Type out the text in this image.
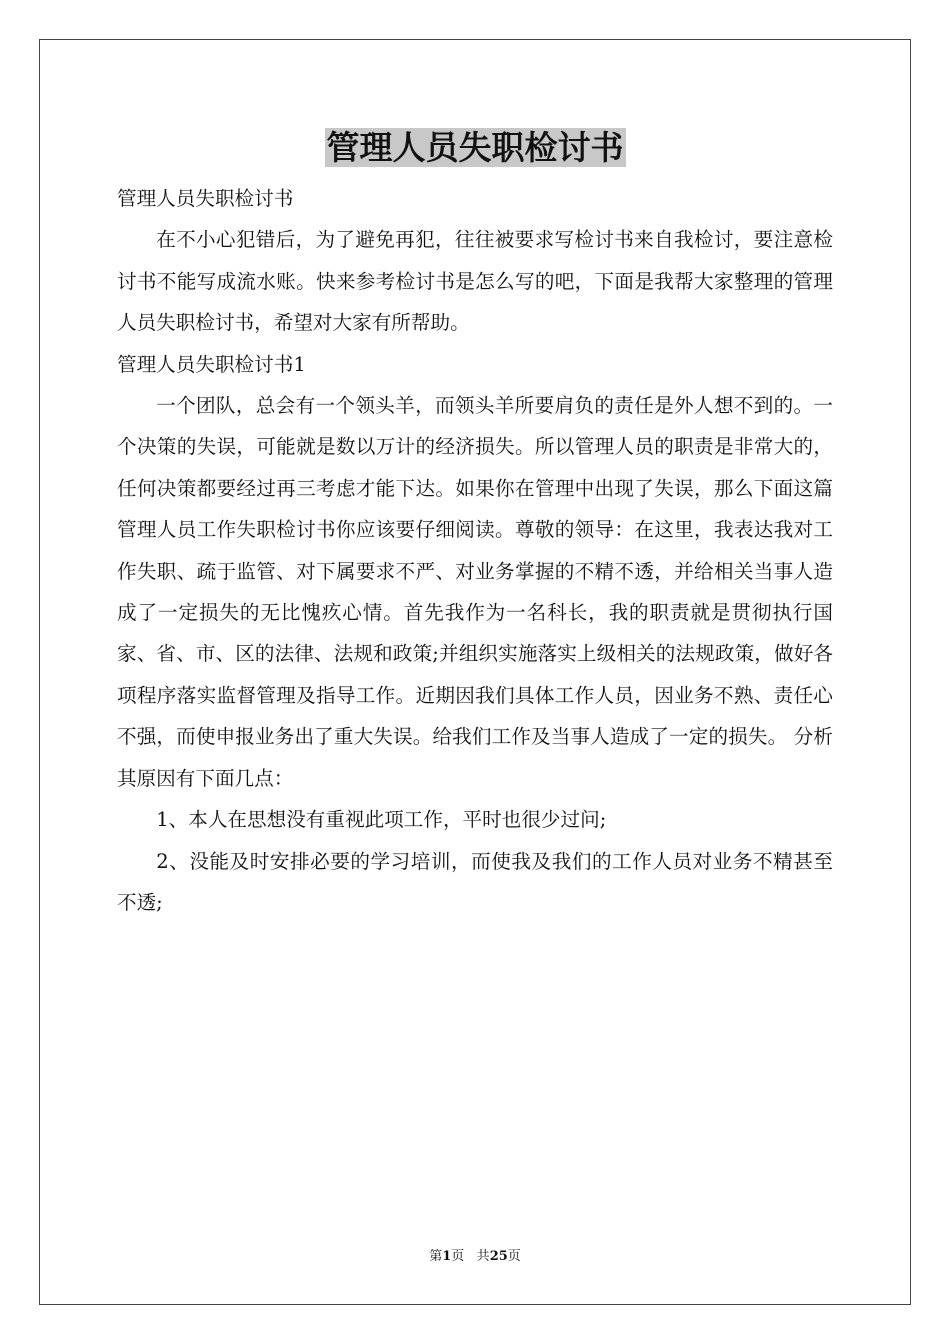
管理人员失职检讨书

管理人员失职检讨书

在不小心犯错后，为了避免再犯，往往被要求写检讨书来自我检讨，要注意检讨书不能写成流水账。快来参考检讨书是怎么写的吧，下面是我帮大家整理的管理人员失职检讨书，希望对大家有所帮助。

管理人员失职检讨书1

一个团队，总会有一个领头羊，而领头羊所要肩负的责任是外人想不到的。一个决策的失误，可能就是数以万计的经济损失。所以管理人员的职责是非常大的，任何决策都要经过再三考虑才能下达。如果你在管理中出现了失误，那么下面这篇管理人员工作失职检讨书你应该要仔细阅读。尊敬的领导：在这里，我表达我对工作失职、疏于监管、对下属要求不严、对业务掌握的不精不透，并给相关当事人造成了一定损失的无比愧疚心情。首先我作为一名科长，我的职责就是贯彻执行国家、省、市、区的法律、法规和政策;并组织实施落实上级相关的法规政策，做好各项程序落实监督管理及指导工作。近期因我们具体工作人员，因业务不熟、责任心不强，而使申报业务出了重大失误。给我们工作及当事人造成了一定的损失。 分析其原因有下面几点：

1、本人在思想没有重视此项工作，平时也很少过问;

2、没能及时安排必要的学习培训，而使我及我们的工作人员对业务不精甚至不透;

第1页 共25页
